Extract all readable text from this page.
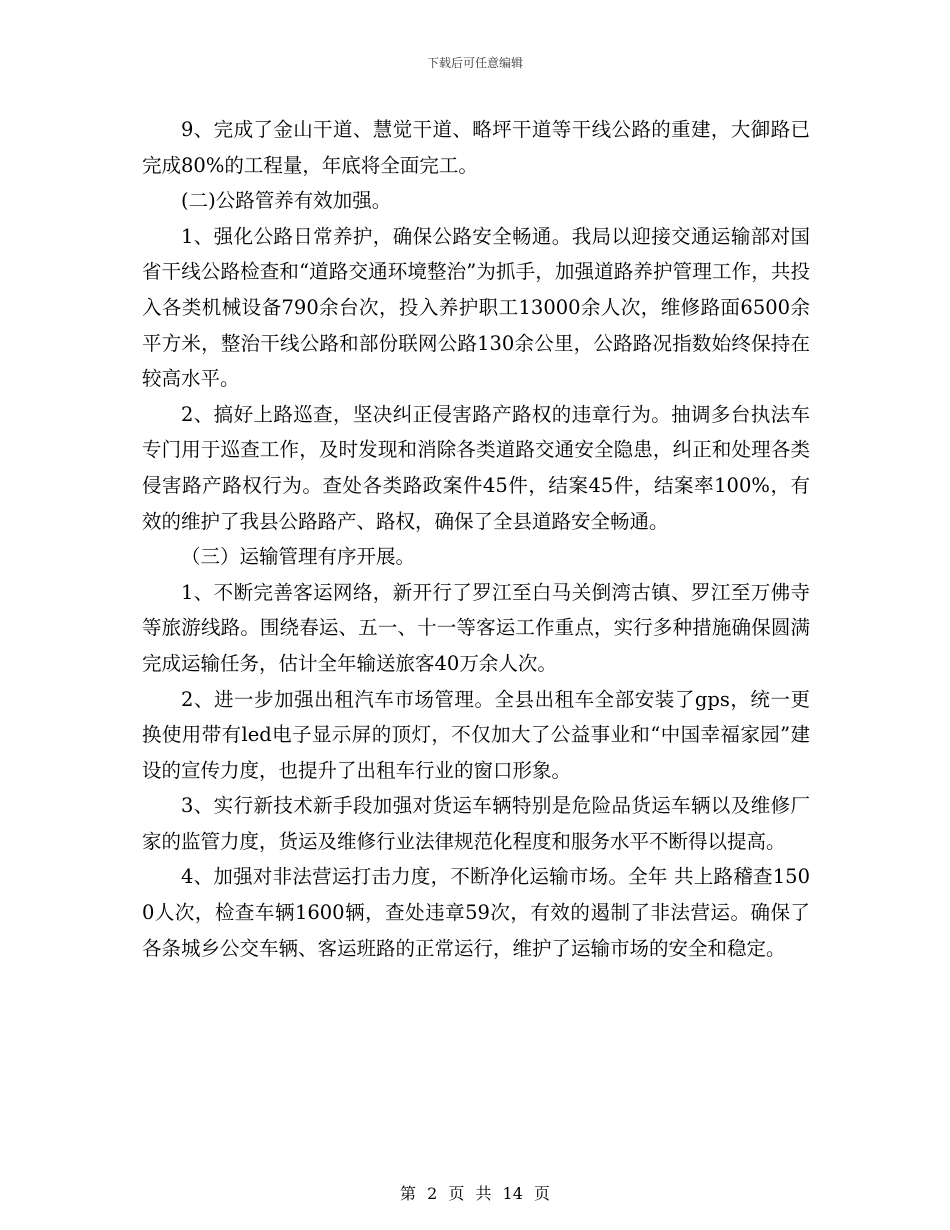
下载后可任意编辑

9、完成了金山干道、慧觉干道、略坪干道等干线公路的重建，大御路已完成80%的工程量，年底将全面完工。

(二)公路管养有效加强。

1、强化公路日常养护，确保公路安全畅通。我局以迎接交通运输部对国省干线公路检查和“道路交通环境整治”为抓手，加强道路养护管理工作，共投入各类机械设备790余台次，投入养护职工13000余人次，维修路面6500余平方米，整治干线公路和部份联网公路130余公里，公路路况指数始终保持在较高水平。

2、搞好上路巡查，坚决纠正侵害路产路权的违章行为。抽调多台执法车专门用于巡查工作，及时发现和消除各类道路交通安全隐患，纠正和处理各类侵害路产路权行为。查处各类路政案件45件，结案45件，结案率100%，有效的维护了我县公路路产、路权，确保了全县道路安全畅通。

（三）运输管理有序开展。

1、不断完善客运网络，新开行了罗江至白马关倒湾古镇、罗江至万佛寺等旅游线路。围绕春运、五一、十一等客运工作重点，实行多种措施确保圆满完成运输任务，估计全年输送旅客40万余人次。

2、进一步加强出租汽车市场管理。全县出租车全部安装了gps，统一更换使用带有led电子显示屏的顶灯，不仅加大了公益事业和“中国幸福家园”建设的宣传力度，也提升了出租车行业的窗口形象。

3、实行新技术新手段加强对货运车辆特别是危险品货运车辆以及维修厂家的监管力度，货运及维修行业法律规范化程度和服务水平不断得以提高。

4、加强对非法营运打击力度，不断净化运输市场。全年 共上路稽查1500人次，检查车辆1600辆，查处违章59次，有效的遏制了非法营运。确保了各条城乡公交车辆、客运班路的正常运行，维护了运输市场的安全和稳定。

第 2 页 共 14 页
